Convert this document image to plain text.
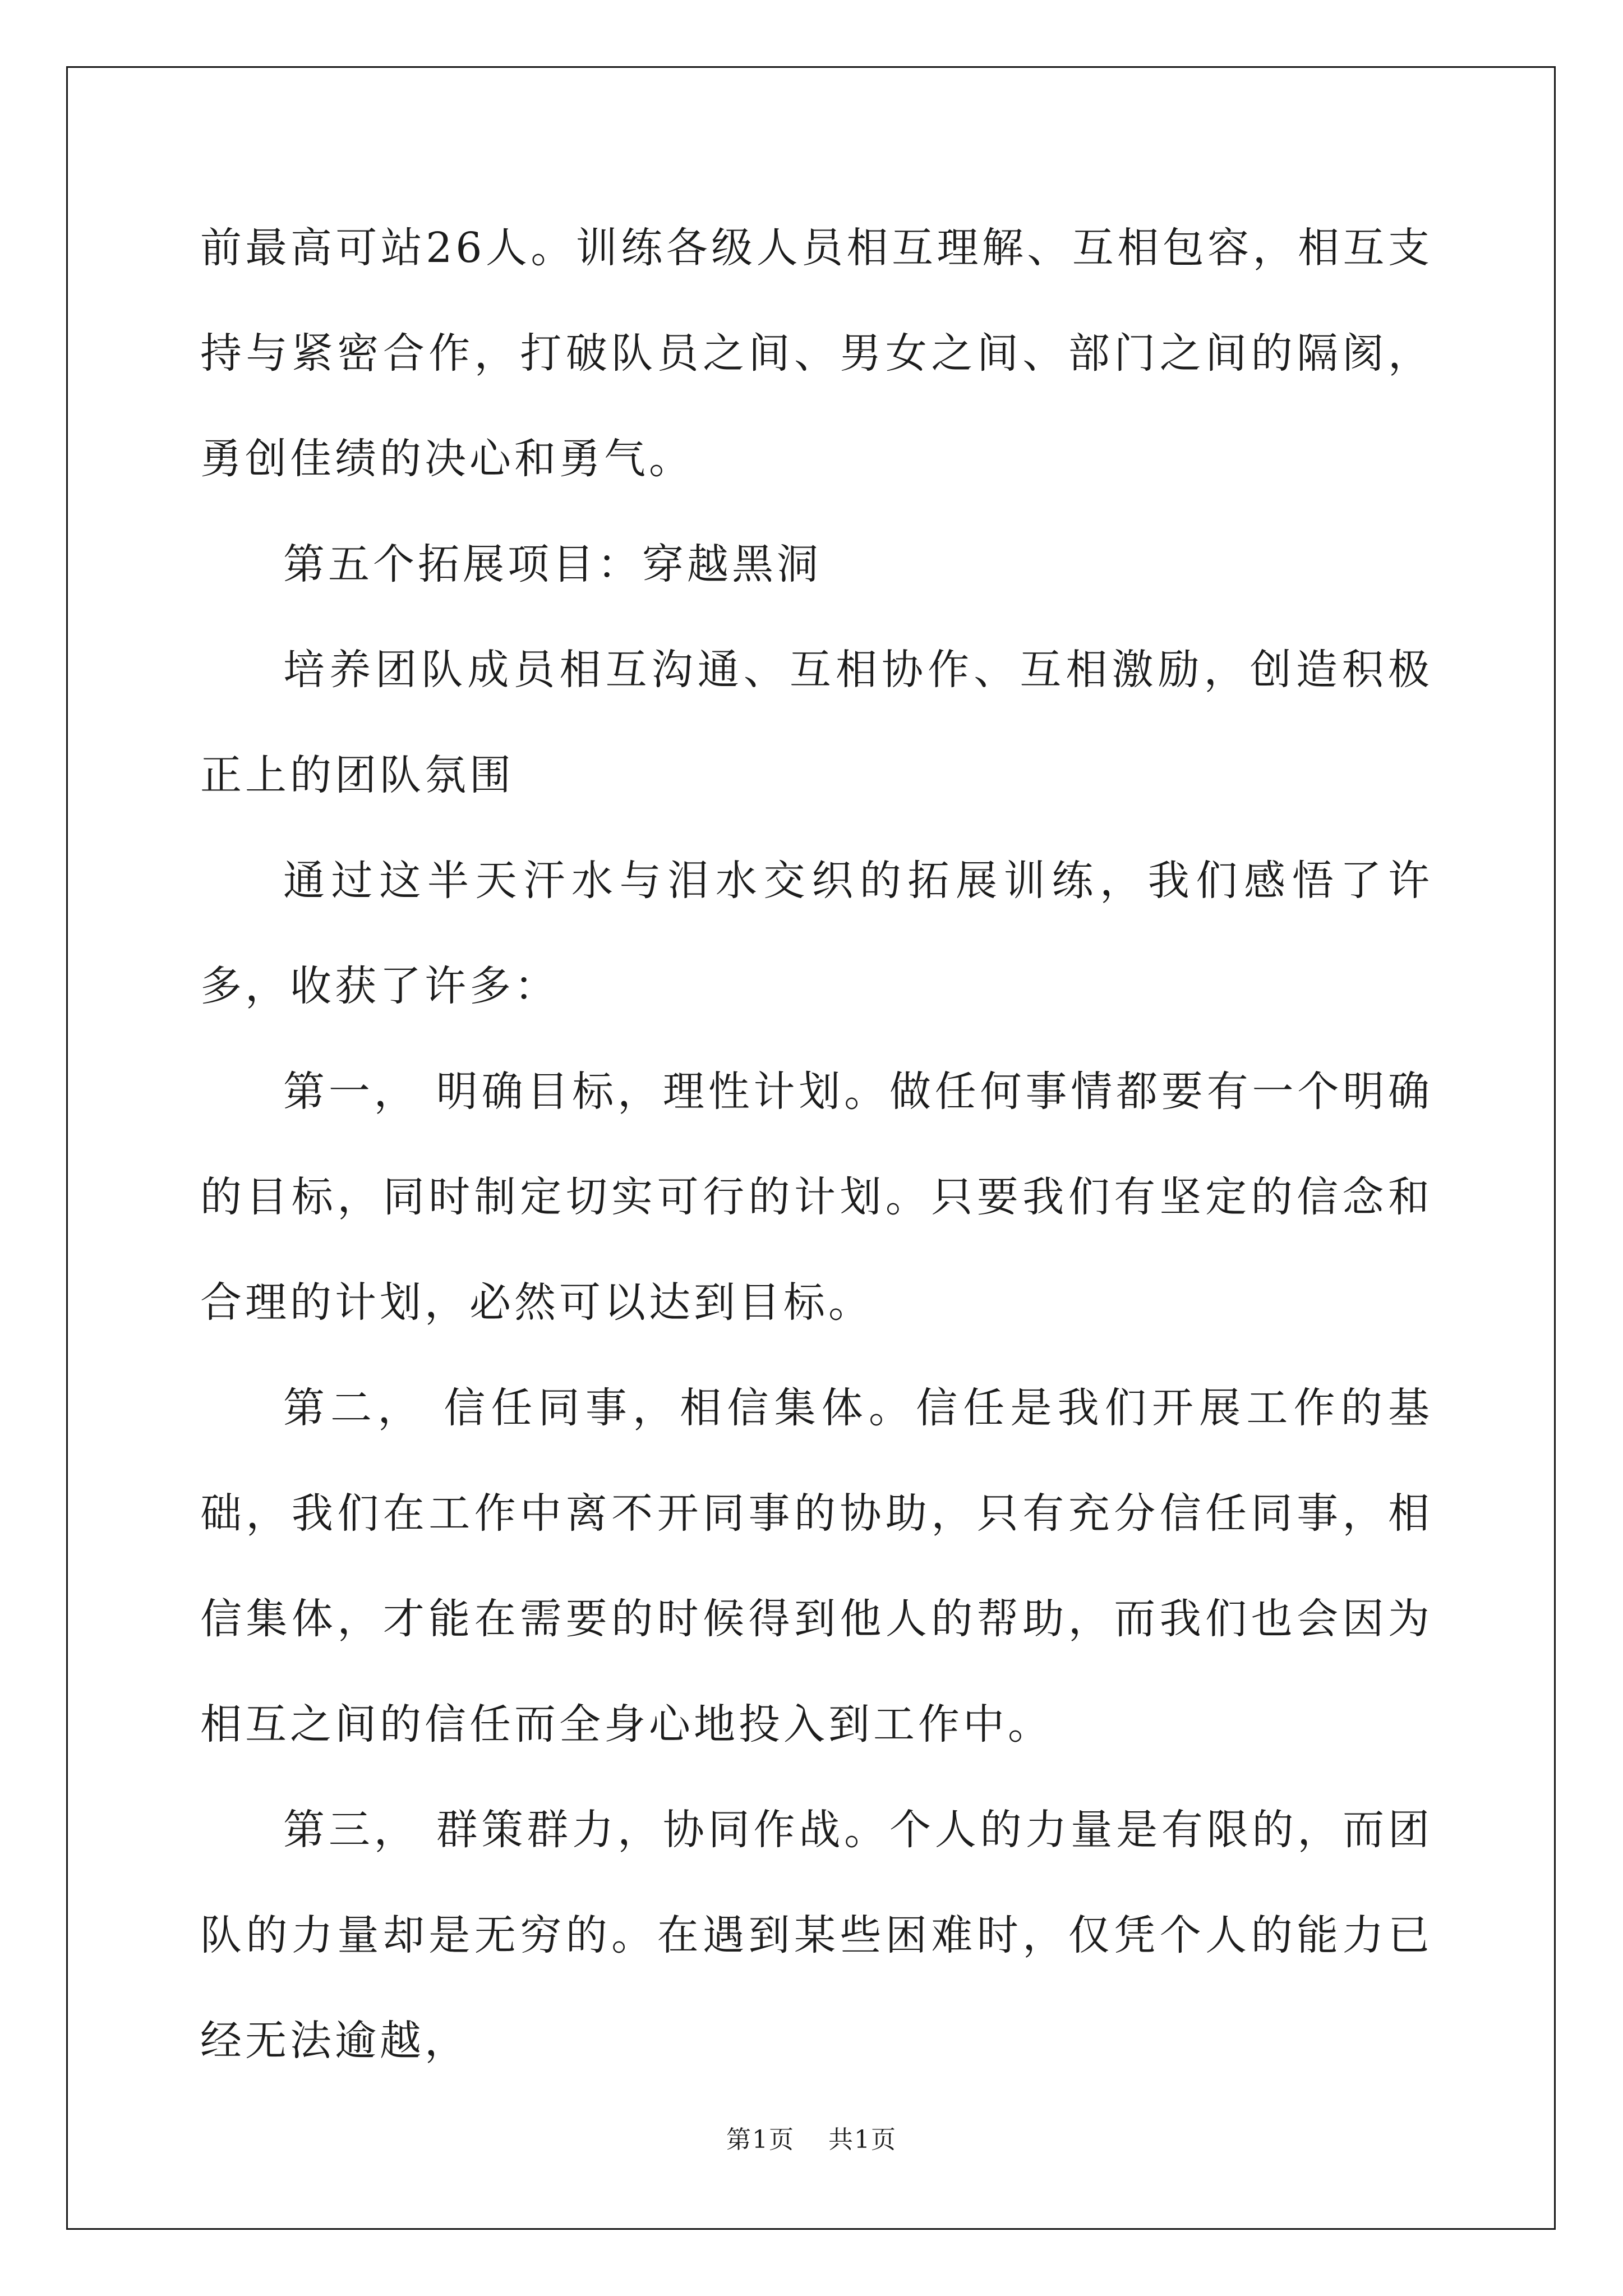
前最高可站26人。训练各级人员相互理解、互相包容，相互支持与紧密合作，打破队员之间、男女之间、部门之间的隔阂，勇创佳绩的决心和勇气。

第五个拓展项目：穿越黑洞

培养团队成员相互沟通、互相协作、互相激励，创造积极正上的团队氛围

通过这半天汗水与泪水交织的拓展训练，我们感悟了许多，收获了许多：

第一， 明确目标，理性计划。做任何事情都要有一个明确的目标，同时制定切实可行的计划。只要我们有坚定的信念和合理的计划，必然可以达到目标。

第二， 信任同事，相信集体。信任是我们开展工作的基础，我们在工作中离不开同事的协助，只有充分信任同事，相信集体，才能在需要的时候得到他人的帮助，而我们也会因为相互之间的信任而全身心地投入到工作中。

第三， 群策群力，协同作战。个人的力量是有限的，而团队的力量却是无穷的。在遇到某些困难时，仅凭个人的能力已经无法逾越，

第1页 共1页
